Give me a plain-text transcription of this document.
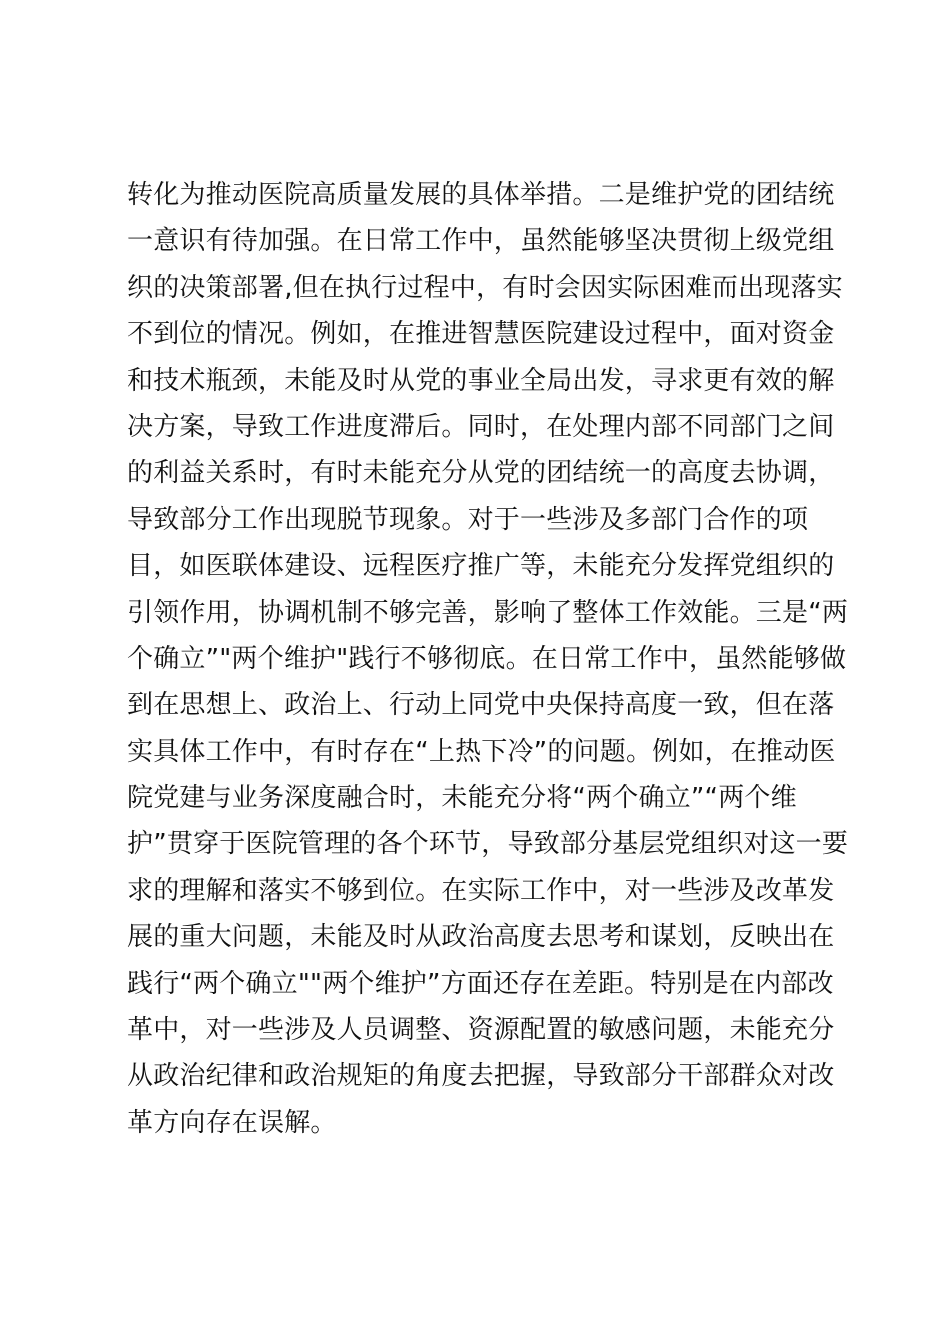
转化为推动医院高质量发展的具体举措。二是维护党的团结统
一意识有待加强。在日常工作中，虽然能够坚决贯彻上级党组
织的决策部署,但在执行过程中，有时会因实际困难而出现落实
不到位的情况。例如，在推进智慧医院建设过程中，面对资金
和技术瓶颈，未能及时从党的事业全局出发，寻求更有效的解
决方案，导致工作进度滞后。同时，在处理内部不同部门之间
的利益关系时，有时未能充分从党的团结统一的高度去协调，
导致部分工作出现脱节现象。对于一些涉及多部门合作的项
目，如医联体建设、远程医疗推广等，未能充分发挥党组织的
引领作用，协调机制不够完善，影响了整体工作效能。三是“两
个确立”"两个维护"践行不够彻底。在日常工作中，虽然能够做
到在思想上、政治上、行动上同党中央保持高度一致，但在落
实具体工作中，有时存在“上热下冷”的问题。例如，在推动医
院党建与业务深度融合时，未能充分将“两个确立”“两个维
护”贯穿于医院管理的各个环节，导致部分基层党组织对这一要
求的理解和落实不够到位。在实际工作中，对一些涉及改革发
展的重大问题，未能及时从政治高度去思考和谋划，反映出在
践行“两个确立""两个维护”方面还存在差距。特别是在内部改
革中，对一些涉及人员调整、资源配置的敏感问题，未能充分
从政治纪律和政治规矩的角度去把握，导致部分干部群众对改
革方向存在误解。
